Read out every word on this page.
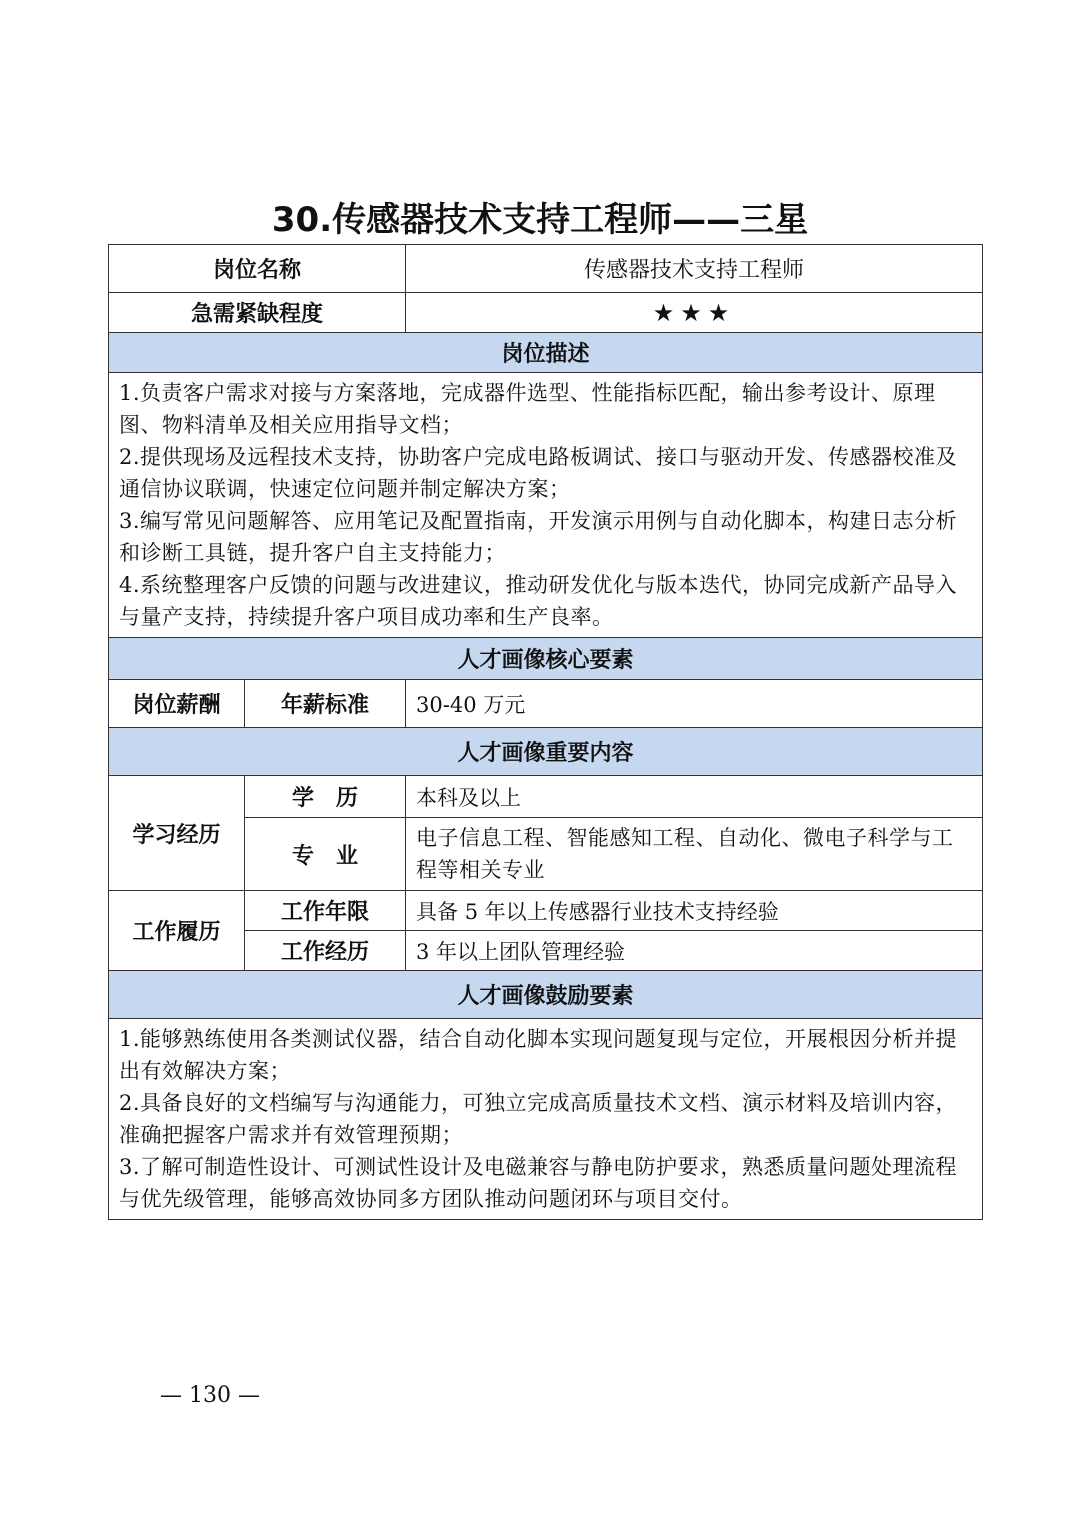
30.传感器技术支持工程师——三星
岗位名称		传感器技术支持工程师
急需紧缺程度		★★★
岗位描述		

1.负责客户需求对接与方案落地，完成器件选型、性能指标匹配，输出参考设计、原理图、物料清单及相关应用指导文档；

2.提供现场及远程技术支持，协助客户完成电路板调试、接口与驱动开发、传感器校准及通信协议联调，快速定位问题并制定解决方案；

3.编写常见问题解答、应用笔记及配置指南，开发演示用例与自动化脚本，构建日志分析和诊断工具链，提升客户自主支持能力；

4.系统整理客户反馈的问题与改进建议，推动研发优化与版本迭代，协同完成新产品导入与量产支持，持续提升客户项目成功率和生产良率。		

人才画像核心要素		
岗位薪酬	年薪标准	30-40 万元
人才画像重要内容		
学习经历	学　历	本科及以上
	专　业	电子信息工程、智能感知工程、自动化、微电子科学与工程等相关专业
工作履历	工作年限	具备 5 年以上传感器行业技术支持经验
	工作经历	3 年以上团队管理经验
人才画像鼓励要素		

1.能够熟练使用各类测试仪器，结合自动化脚本实现问题复现与定位，开展根因分析并提出有效解决方案；

2.具备良好的文档编写与沟通能力，可独立完成高质量技术文档、演示材料及培训内容，准确把握客户需求并有效管理预期；

3.了解可制造性设计、可测试性设计及电磁兼容与静电防护要求，熟悉质量问题处理流程与优先级管理，能够高效协同多方团队推动问题闭环与项目交付。		

— 130 —
